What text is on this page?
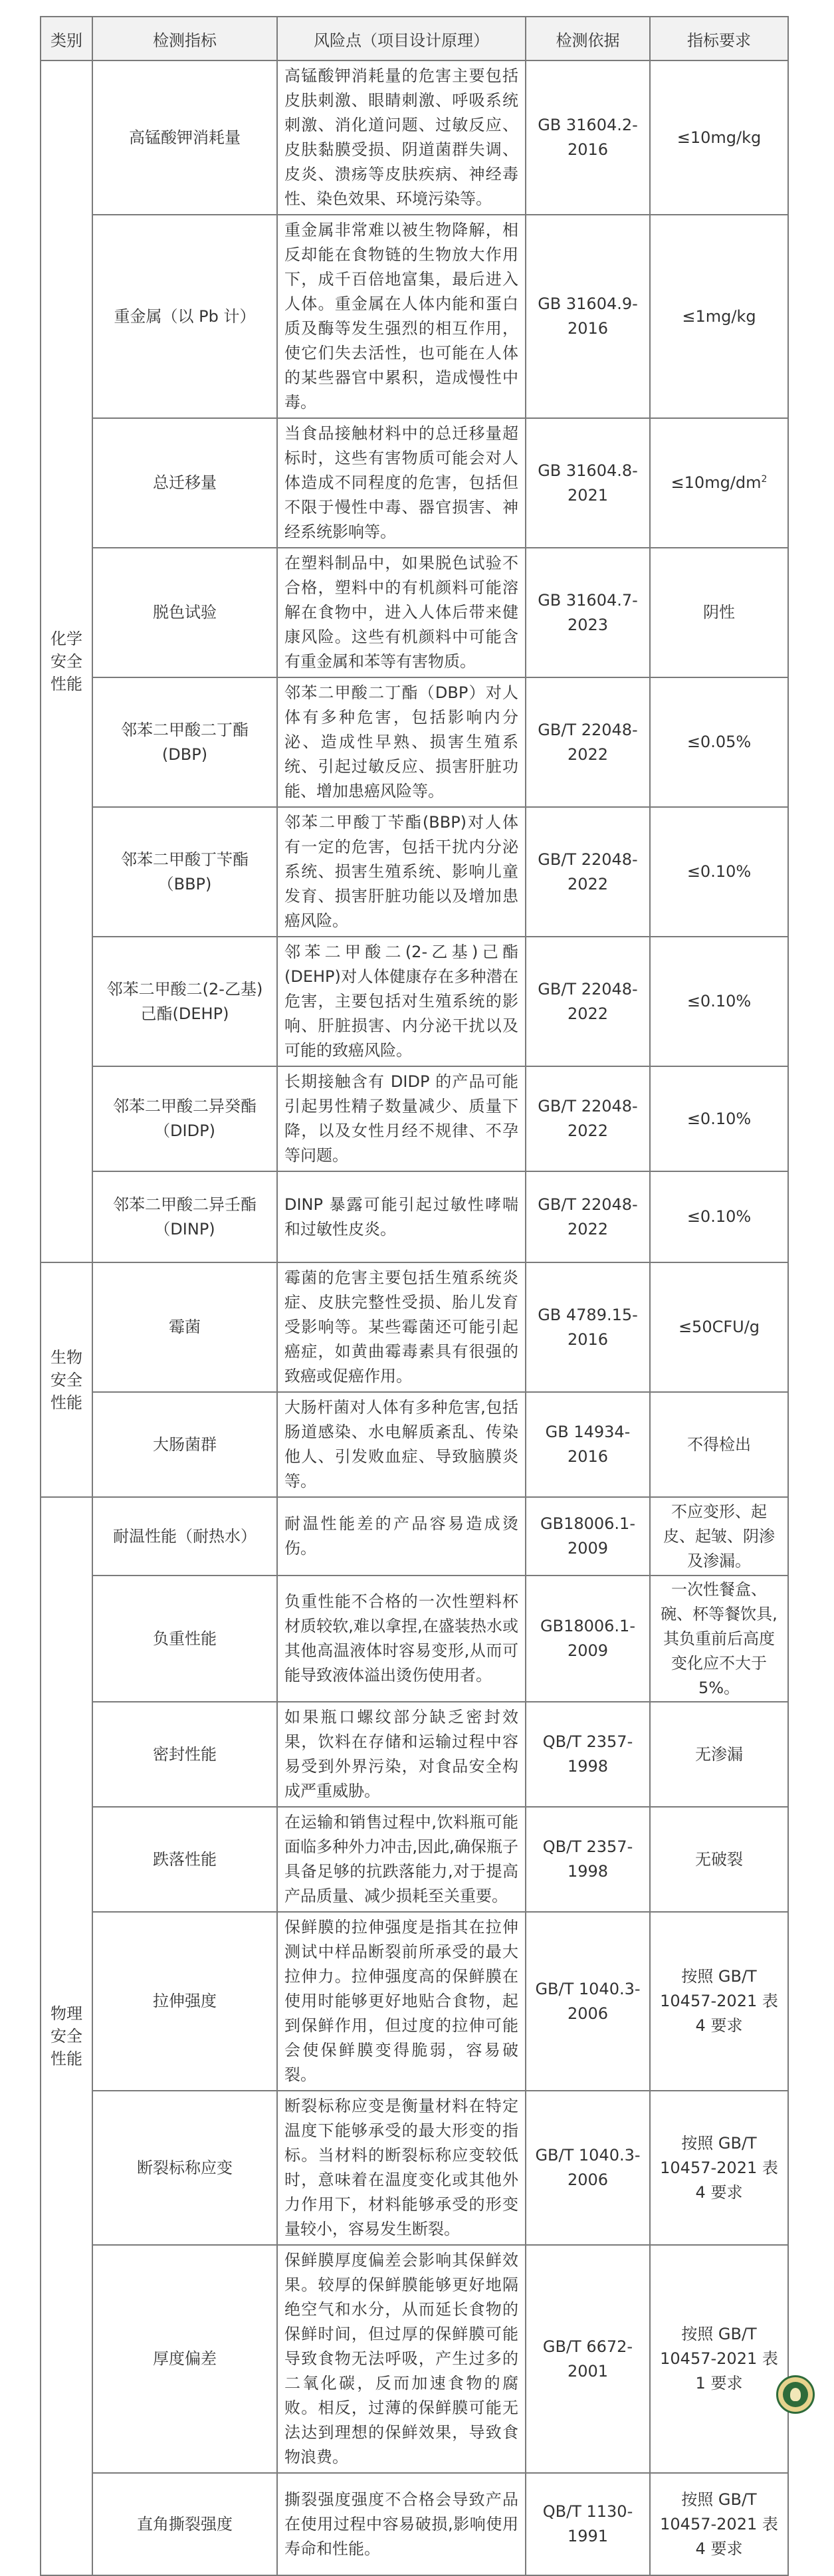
类别	检测指标	风险点（项目设计原理）	检测依据	指标要求
化学安全性能	高锰酸钾消耗量	高锰酸钾消耗量的危害主要包括皮肤刺激、眼睛刺激、呼吸系统刺激、消化道问题、过敏反应、皮肤黏膜受损、阴道菌群失调、皮炎、溃疡等皮肤疾病、神经毒性、染色效果、环境污染等。	GB 31604.2-2016	≤10mg/kg
	重金属（以 Pb 计）	重金属非常难以被生物降解，相反却能在食物链的生物放大作用下，成千百倍地富集，最后进入人体。重金属在人体内能和蛋白质及酶等发生强烈的相互作用，使它们失去活性，也可能在人体的某些器官中累积，造成慢性中毒。	GB 31604.9-2016	≤1mg/kg
	总迁移量	当食品接触材料中的总迁移量超标时，这些有害物质可能会对人体造成不同程度的危害，包括但不限于慢性中毒、器官损害、神经系统影响等。	GB 31604.8-2021	$\le 10mg/dm^2$
	脱色试验	在塑料制品中，如果脱色试验不合格，塑料中的有机颜料可能溶解在食物中，进入人体后带来健康风险。这些有机颜料中可能含有重金属和苯等有害物质。	GB 31604.7-2023	阴性
	邻苯二甲酸二丁酯(DBP)	邻苯二甲酸二丁酯（DBP）对人体有多种危害，包括影响内分泌、造成性早熟、损害生殖系统、引起过敏反应、损害肝脏功能、增加患癌风险等。	GB/T 22048-2022	≤0.05%
	邻苯二甲酸丁苄酯（BBP)	邻苯二甲酸丁苄酯(BBP)对人体有一定的危害，包括干扰内分泌系统、损害生殖系统、影响儿童发育、损害肝脏功能以及增加患癌风险。	GB/T 22048-2022	≤0.10%
	邻苯二甲酸二(2-乙基)己酯(DEHP)	邻苯二甲酸二(2-乙基)己酯(DEHP)对人体健康存在多种潜在危害，主要包括对生殖系统的影响、肝脏损害、内分泌干扰以及可能的致癌风险。	GB/T 22048-2022	≤0.10%
	邻苯二甲酸二异癸酯（DIDP)	长期接触含有 DIDP 的产品可能引起男性精子数量减少、质量下降，以及女性月经不规律、不孕等问题。	GB/T 22048-2022	≤0.10%
	邻苯二甲酸二异壬酯（DINP)	DINP 暴露可能引起过敏性哮喘和过敏性皮炎。	GB/T 22048-2022	≤0.10%
生物安全性能	霉菌	霉菌的危害主要包括生殖系统炎症、皮肤完整性受损、胎儿发育受影响等。某些霉菌还可能引起癌症，如黄曲霉毒素具有很强的致癌或促癌作用。	GB 4789.15-2016	≤50CFU/g
	大肠菌群	大肠杆菌对人体有多种危害,包括肠道感染、水电解质紊乱、传染他人、引发败血症、导致脑膜炎等。	GB 14934-2016	不得检出
物理安全性能	耐温性能（耐热水）	耐温性能差的产品容易造成烫伤。	GB18006.1-2009	不应变形、起皮、起皱、阴渗及渗漏。
	负重性能	负重性能不合格的一次性塑料杯材质较软,难以拿捏,在盛装热水或其他高温液体时容易变形,从而可能导致液体溢出烫伤使用者。	GB18006.1-2009	一次性餐盒、碗、杯等餐饮具,其负重前后高度变化应不大于 5%。
	密封性能	如果瓶口螺纹部分缺乏密封效果，饮料在存储和运输过程中容易受到外界污染，对食品安全构成严重威胁。	QB/T 2357-1998	无渗漏
	跌落性能	在运输和销售过程中,饮料瓶可能面临多种外力冲击,因此,确保瓶子具备足够的抗跌落能力,对于提高产品质量、减少损耗至关重要。	QB/T 2357-1998	无破裂
	拉伸强度	保鲜膜的拉伸强度是指其在拉伸测试中样品断裂前所承受的最大拉伸力。拉伸强度高的保鲜膜在使用时能够更好地贴合食物，起到保鲜作用，但过度的拉伸可能会使保鲜膜变得脆弱，容易破裂。	GB/T 1040.3-2006	按照 GB/T 10457-2021 表 4 要求
	断裂标称应变	断裂标称应变是衡量材料在特定温度下能够承受的最大形变的指标。当材料的断裂标称应变较低时，意味着在温度变化或其他外力作用下，材料能够承受的形变量较小，容易发生断裂。	GB/T 1040.3-2006	按照 GB/T 10457-2021 表 4 要求
	厚度偏差	保鲜膜厚度偏差会影响其保鲜效果。较厚的保鲜膜能够更好地隔绝空气和水分，从而延长食物的保鲜时间，但过厚的保鲜膜可能导致食物无法呼吸，产生过多的二氧化碳，反而加速食物的腐败。相反，过薄的保鲜膜可能无法达到理想的保鲜效果，导致食物浪费。	GB/T 6672-2001	按照 GB/T 10457-2021 表 1 要求
	直角撕裂强度	撕裂强度强度不合格会导致产品在使用过程中容易破损,影响使用寿命和性能。	QB/T 1130-1991	按照 GB/T 10457-2021 表 4 要求
